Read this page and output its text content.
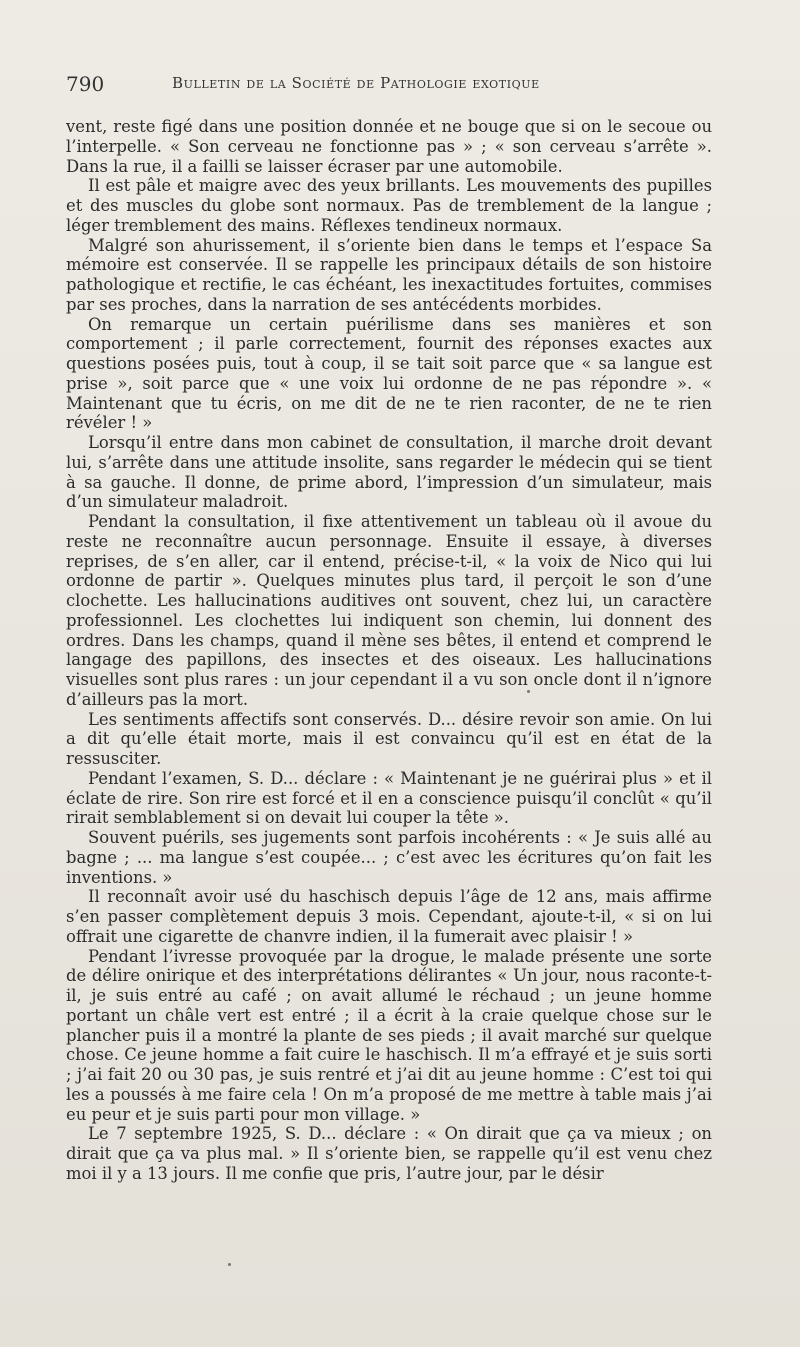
790	Bulletin de la Société de Pathologie exotique

vent, reste figé dans une position donnée et ne bouge que si on le secoue ou l’interpelle. « Son cerveau ne fonctionne pas » ; « son cerveau s’arrête ». Dans la rue, il a failli se laisser écraser par une automobile.

Il est pâle et maigre avec des yeux brillants. Les mouvements des pupilles et des muscles du globe sont normaux. Pas de tremblement de la langue ; léger tremblement des mains. Réflexes tendineux normaux.

Malgré son ahurissement, il s’oriente bien dans le temps et l’espace Sa mémoire est conservée. Il se rappelle les principaux détails de son histoire pathologique et rectifie, le cas échéant, les inexactitudes fortuites, commises par ses proches, dans la narration de ses antécédents morbides.

On remarque un certain puérilisme dans ses manières et son comportement ; il parle correctement, fournit des réponses exactes aux questions posées puis, tout à coup, il se tait soit parce que « sa langue est prise », soit parce que « une voix lui ordonne de ne pas répondre ». « Maintenant que tu écris, on me dit de ne te rien raconter, de ne te rien révéler ! »

Lorsqu’il entre dans mon cabinet de consultation, il marche droit devant lui, s’arrête dans une attitude insolite, sans regarder le médecin qui se tient à sa gauche. Il donne, de prime abord, l’impression d’un simulateur, mais d’un simulateur maladroit.

Pendant la consultation, il fixe attentivement un tableau où il avoue du reste ne reconnaître aucun personnage. Ensuite il essaye, à diverses reprises, de s’en aller, car il entend, précise-t-il, « la voix de Nico qui lui ordonne de partir ». Quelques minutes plus tard, il perçoit le son d’une clochette. Les hallucinations auditives ont souvent, chez lui, un caractère professionnel. Les clochettes lui indiquent son chemin, lui donnent des ordres. Dans les champs, quand il mène ses bêtes, il entend et comprend le langage des papillons, des insectes et des oiseaux. Les hallucinations visuelles sont plus rares : un jour cependant il a vu son oncle dont il n’ignore d’ailleurs pas la mort.

Les sentiments affectifs sont conservés. D... désire revoir son amie. On lui a dit qu’elle était morte, mais il est convaincu qu’il est en état de la ressusciter.

Pendant l’examen, S. D... déclare : « Maintenant je ne guérirai plus » et il éclate de rire. Son rire est forcé et il en a conscience puisqu’il conclût « qu’il rirait semblablement si on devait lui couper la tête ».

Souvent puérils, ses jugements sont parfois incohérents : « Je suis allé au bagne ; ... ma langue s’est coupée... ; c’est avec les écritures qu’on fait les inventions. »

Il reconnaît avoir usé du haschisch depuis l’âge de 12 ans, mais affirme s’en passer complètement depuis 3 mois. Cependant, ajoute-t-il, « si on lui offrait une cigarette de chanvre indien, il la fumerait avec plaisir ! »

Pendant l’ivresse provoquée par la drogue, le malade présente une sorte de délire onirique et des interprétations délirantes « Un jour, nous raconte-t-il, je suis entré au café ; on avait allumé le réchaud ; un jeune homme portant un châle vert est entré ; il a écrit à la craie quelque chose sur le plancher puis il a montré la plante de ses pieds ; il avait marché sur quelque chose. Ce jeune homme a fait cuire le haschisch. Il m’a effrayé et je suis sorti ; j’ai fait 20 ou 30 pas, je suis rentré et j’ai dit au jeune homme : C’est toi qui les a poussés à me faire cela ! On m’a proposé de me mettre à table mais j’ai eu peur et je suis parti pour mon village. »

Le 7 septembre 1925, S. D... déclare : « On dirait que ça va mieux ; on dirait que ça va plus mal. » Il s’oriente bien, se rappelle qu’il est venu chez moi il y a 13 jours. Il me confie que pris, l’autre jour, par le désir
